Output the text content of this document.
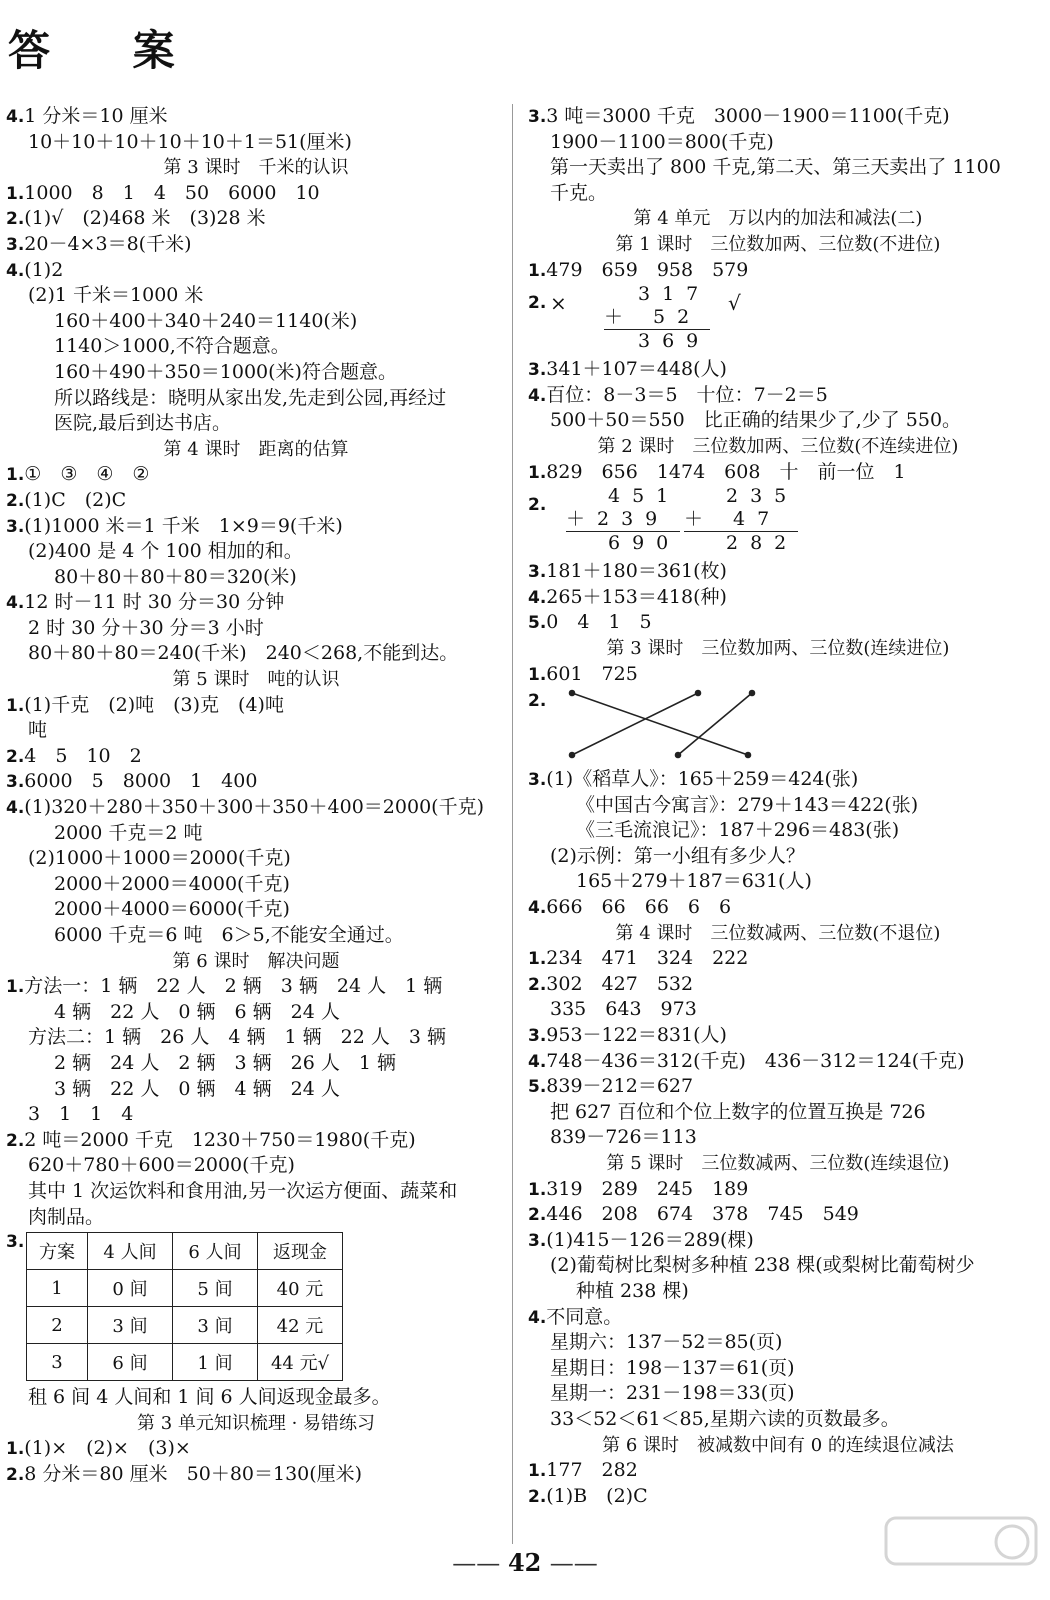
答 案
4.1 分米＝10 厘米
10＋10＋10＋10＋10＋1＝51(厘米)
第 3 课时　千米的认识
1.1000　8　1　4　50　6000　10
2.(1)√　(2)468 米　(3)28 米
3.20－4×3＝8(千米)
4.(1)2
(2)1 千米＝1000 米
160＋400＋340＋240＝1140(米)
1140＞1000,不符合题意。
160＋490＋350＝1000(米)符合题意。
所以路线是：晓明从家出发,先走到公园,再经过
医院,最后到达书店。
第 4 课时　距离的估算
1.①　③　④　②
2.(1)C　(2)C
3.(1)1000 米＝1 千米　1×9＝9(千米)
(2)400 是 4 个 100 相加的和。
80＋80＋80＋80＝320(米)
4.12 时－11 时 30 分＝30 分钟
2 时 30 分＋30 分＝3 小时
80＋80＋80＝240(千米)　240＜268,不能到达。
第 5 课时　吨的认识
1.(1)千克　(2)吨　(3)克　(4)吨
吨
2.4　5　10　2
3.6000　5　8000　1　400
4.(1)320＋280＋350＋300＋350＋400＝2000(千克)
2000 千克＝2 吨
(2)1000＋1000＝2000(千克)
2000＋2000＝4000(千克)
2000＋4000＝6000(千克)
6000 千克＝6 吨　6＞5,不能安全通过。
第 6 课时　解决问题
1.方法一：1 辆　22 人　2 辆　3 辆　24 人　1 辆
4 辆　22 人　0 辆　6 辆　24 人
方法二：1 辆　26 人　4 辆　1 辆　22 人　3 辆
2 辆　24 人　2 辆　3 辆　26 人　1 辆
3 辆　22 人　0 辆　4 辆　24 人
3　1　1　4
2.2 吨＝2000 千克　1230＋750＝1980(千克)
620＋780＋600＝2000(千克)
其中 1 次运饮料和食用油,另一次运方便面、蔬菜和
肉制品。
3. 方案	4 人间	6 人间	返现金
1	0 间	5 间	40 元
2	3 间	3 间	42 元
3	6 间	1 间	44 元√
租 6 间 4 人间和 1 间 6 人间返现金最多。
第 3 单元知识梳理 · 易错练习
1.(1)×　(2)×　(3)×
2.8 分米＝80 厘米　50＋80＝130(厘米)
3.3 吨＝3000 千克　3000－1900＝1100(千克)
1900－1100＝800(千克)
第一天卖出了 800 千克,第二天、第三天卖出了 1100
千克。
第 4 单元　万以内的加法和减法(二)
第 1 课时　三位数加两、三位数(不进位)
1.479　659　958　579
2. ×	317
＋ 52
369
√
3.341＋107＝448(人)
4.百位：8－3＝5　十位：7－2＝5
500＋50＝550　比正确的结果少了,少了 550。
第 2 课时　三位数加两、三位数(不连续进位)
1.829　656　1474　608　十　前一位　1
2.	451
＋239
690
235
＋ 47
282
3.181＋180＝361(枚)
4.265＋153＝418(种)
5.0　4　1　5
第 3 课时　三位数加两、三位数(连续进位)
1.601　725
2.
3.(1)《稻草人》：165＋259＝424(张)
《中国古今寓言》：279＋143＝422(张)
《三毛流浪记》：187＋296＝483(张)
(2)示例：第一小组有多少人？
165＋279＋187＝631(人)
4.666　66　66　6　6
第 4 课时　三位数减两、三位数(不退位)
1.234　471　324　222
2.302　427　532
335　643　973
3.953－122＝831(人)
4.748－436＝312(千克)　436－312＝124(千克)
5.839－212＝627
把 627 百位和个位上数字的位置互换是 726
839－726＝113
第 5 课时　三位数减两、三位数(连续退位)
1.319　289　245　189
2.446　208　674　378　745　549
3.(1)415－126＝289(棵)
(2)葡萄树比梨树多种植 238 棵(或梨树比葡萄树少
种植 238 棵)
4.不同意。
星期六：137－52＝85(页)
星期日：198－137＝61(页)
星期一：231－198＝33(页)
33＜52＜61＜85,星期六读的页数最多。
第 6 课时　被减数中间有 0 的连续退位减法
1.177　282
2.(1)B　(2)C
—— 42 ——
